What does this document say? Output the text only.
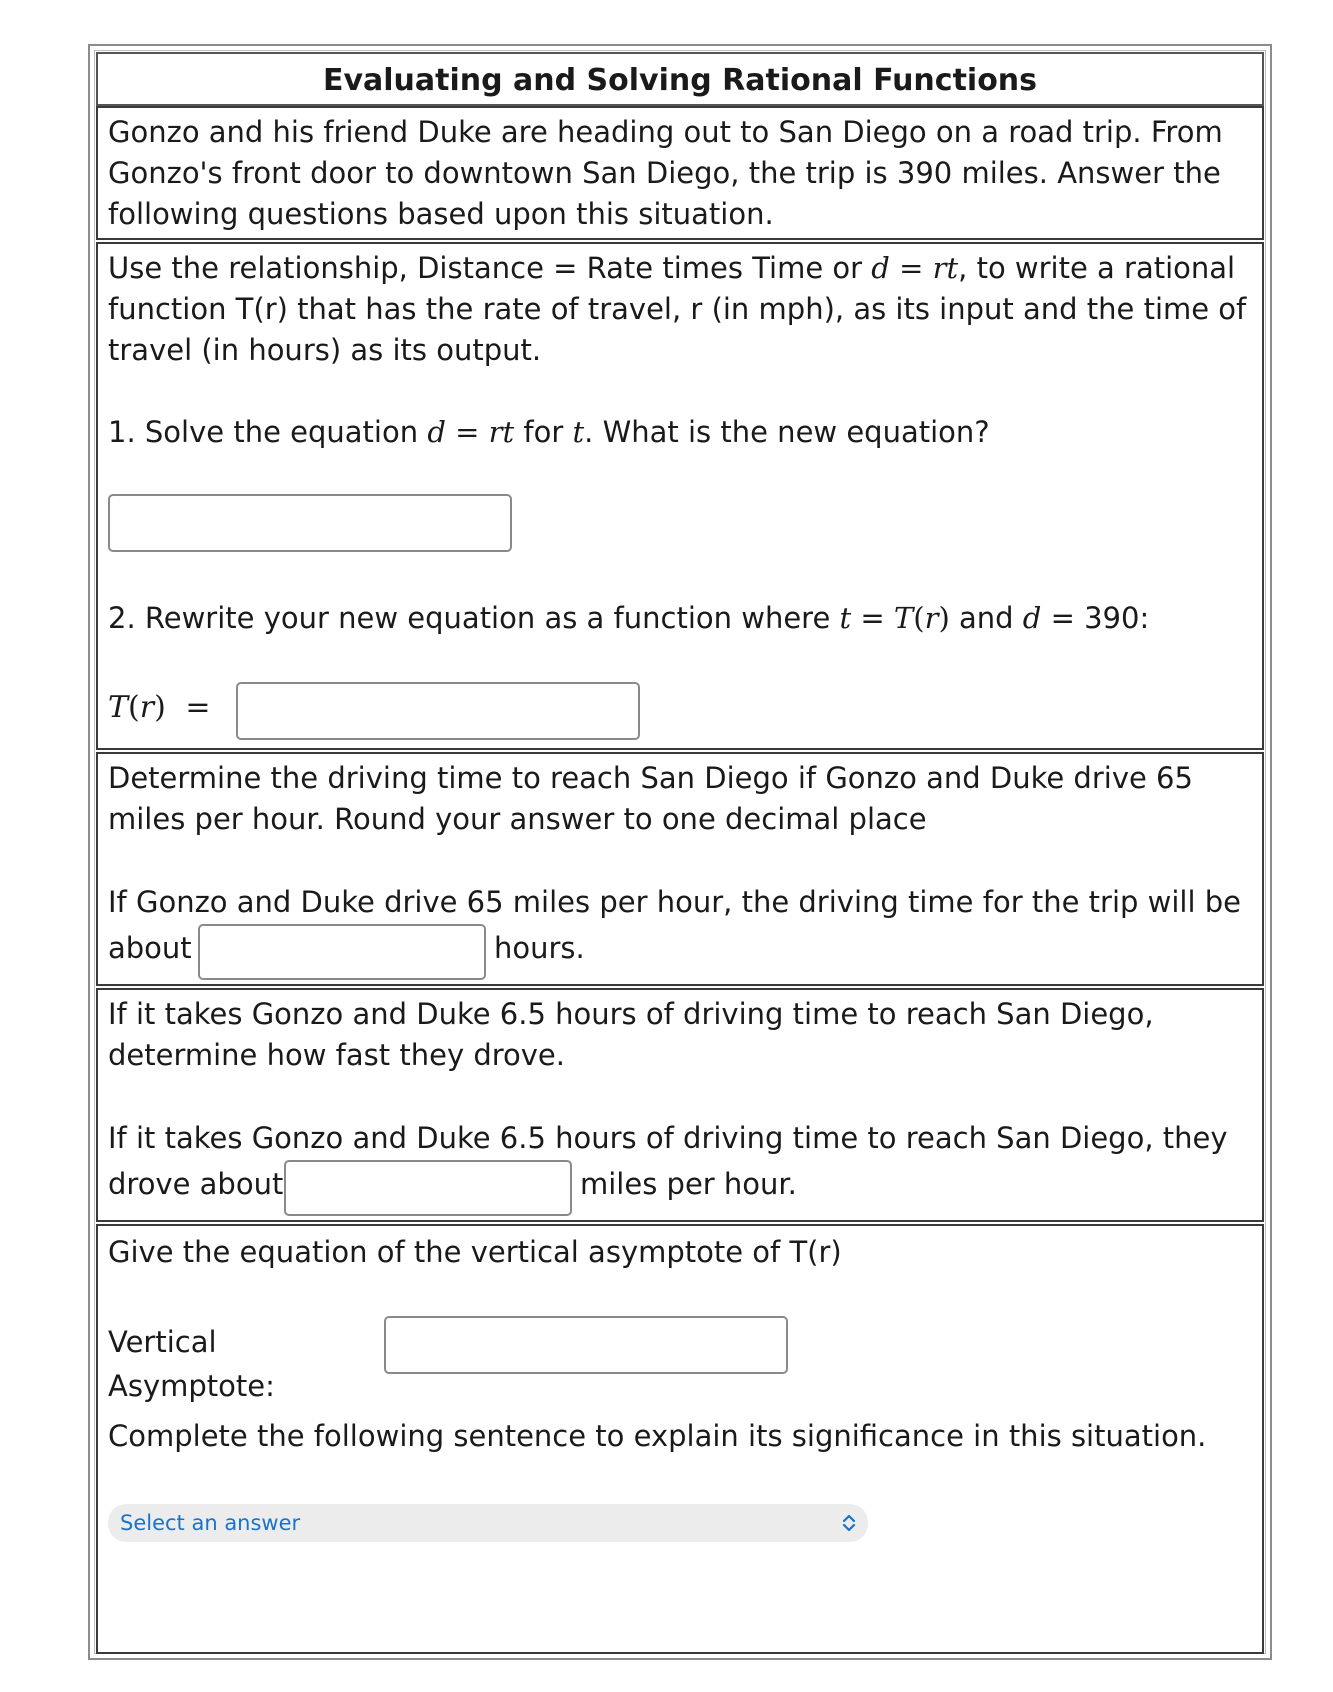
Evaluating and Solving Rational Functions
Gonzo and his friend Duke are heading out to San Diego on a road trip. From Gonzo's front door to downtown San Diego, the trip is 390 miles. Answer the following questions based upon this situation.
Use the relationship, Distance = Rate times Time or d = rt, to write a rational function T(r) that has the rate of travel, r (in mph), as its input and the time of travel (in hours) as its output.
1. Solve the equation d = rt for t. What is the new equation?
2. Rewrite your new equation as a function where t = T(r) and d = 390:
T(r) =
Determine the driving time to reach San Diego if Gonzo and Duke drive 65 miles per hour. Round your answer to one decimal place
If Gonzo and Duke drive 65 miles per hour, the driving time for the trip will be
about	hours.
If it takes Gonzo and Duke 6.5 hours of driving time to reach San Diego, determine how fast they drove.
If it takes Gonzo and Duke 6.5 hours of driving time to reach San Diego, they
drove about	miles per hour.
Give the equation of the vertical asymptote of T(r)
Vertical Asymptote:
Complete the following sentence to explain its significance in this situation.
Select an answer
